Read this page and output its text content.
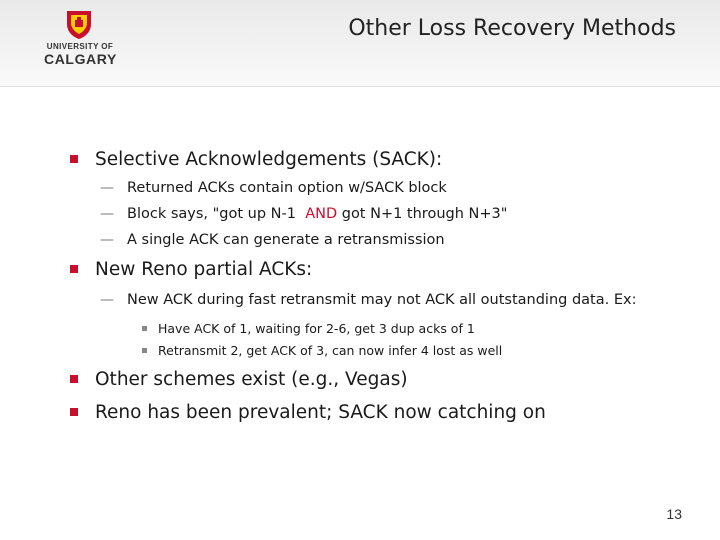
UNIVERSITY OF
CALGARY
Other Loss Recovery Methods
Selective Acknowledgements (SACK):
— Returned ACKs contain option w/SACK block
— Block says, "got up N-1  AND got N+1 through N+3"
— A single ACK can generate a retransmission
New Reno partial ACKs:
— New ACK during fast retransmit may not ACK all outstanding data. Ex:
Have ACK of 1, waiting for 2-6, get 3 dup acks of 1
Retransmit 2, get ACK of 3, can now infer 4 lost as well
Other schemes exist (e.g., Vegas)
Reno has been prevalent; SACK now catching on
13
